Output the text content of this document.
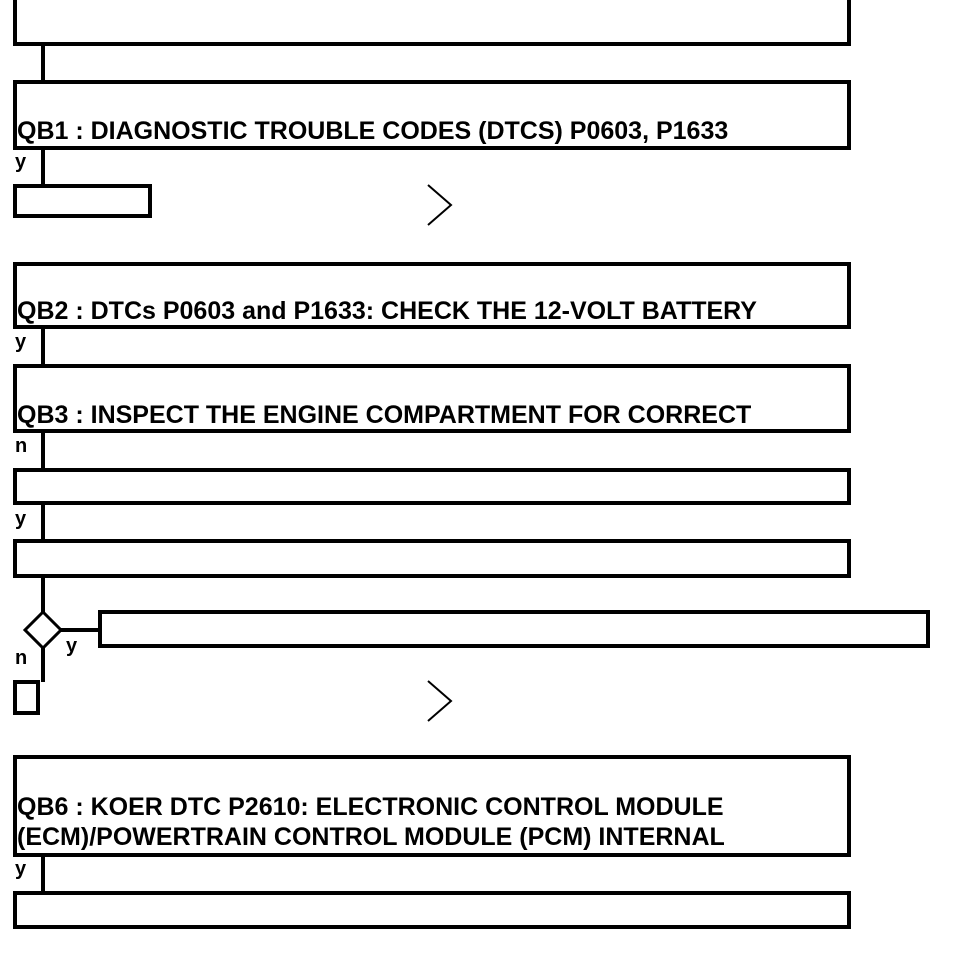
QB1 : DIAGNOSTIC TROUBLE CODES (DTCS) P0603, P1633

y

QB2 : DTCs P0603 and P1633: CHECK THE 12-VOLT BATTERY

y

QB3 : INSPECT THE ENGINE COMPARTMENT FOR CORRECT

n

y

y

n

QB6 : KOER DTC P2610: ELECTRONIC CONTROL MODULE
(ECM)/POWERTRAIN CONTROL MODULE (PCM) INTERNAL

y
